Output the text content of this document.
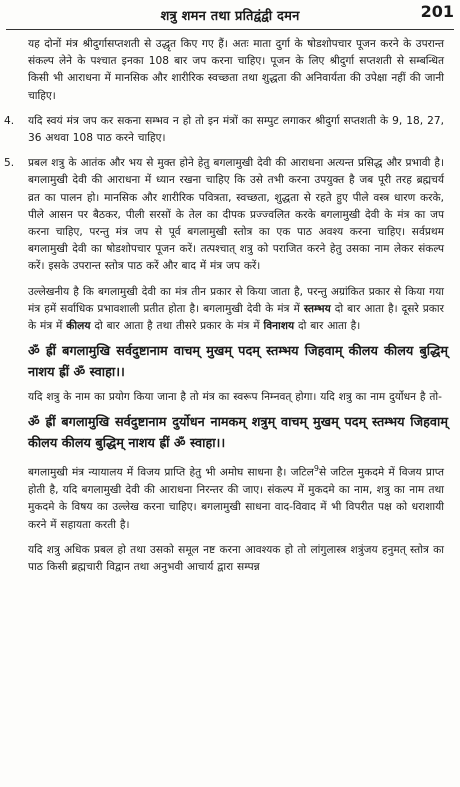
शत्रु शमन तथा प्रतिद्वंद्वी दमन	201

यह दोनों मंत्र श्रीदुर्गासप्तशती से उद्धृत किए गए हैं। अतः माता दुर्गा के षोडशोपचार पूजन करने के उपरान्त संकल्प लेने के पश्चात इनका 108 बार जप करना चाहिए। पूजन के लिए श्रीदुर्गा सप्तशती से सम्बन्धित किसी भी आराधना में मानसिक और शारीरिक स्वच्छता तथा शुद्धता की अनिवार्यता की उपेक्षा नहीं की जानी चाहिए।

4. यदि स्वयं मंत्र जप कर सकना सम्भव न हो तो इन मंत्रों का सम्पुट लगाकर श्रीदुर्गा सप्तशती के 9, 18, 27, 36 अथवा 108 पाठ करने चाहिए।

5. प्रबल शत्रु के आतंक और भय से मुक्त होने हेतु बगलामुखी देवी की आराधना अत्यन्त प्रसिद्ध और प्रभावी है। बगलामुखी देवी की आराधना में ध्यान रखना चाहिए कि उसे तभी करना उपयुक्त है जब पूरी तरह ब्रह्मचर्य व्रत का पालन हो। मानसिक और शारीरिक पवित्रता, स्वच्छता, शुद्धता से रहते हुए पीले वस्त्र धारण करके, पीले आसन पर बैठकर, पीली सरसों के तेल का दीपक प्रज्ज्वलित करके बगलामुखी देवी के मंत्र का जप करना चाहिए, परन्तु मंत्र जप से पूर्व बगलामुखी स्तोत्र का एक पाठ अवश्य करना चाहिए। सर्वप्रथम बगलामुखी देवी का षोडशोपचार पूजन करें। तत्पश्चात् शत्रु को पराजित करने हेतु उसका नाम लेकर संकल्प करें। इसके उपरान्त स्तोत्र पाठ करें और बाद में मंत्र जप करें।

उल्लेखनीय है कि बगलामुखी देवी का मंत्र तीन प्रकार से किया जाता है, परन्तु अग्रांकित प्रकार से किया गया मंत्र हमें सर्वाधिक प्रभावशाली प्रतीत होता है। बगलामुखी देवी के मंत्र में स्तम्भय दो बार आता है। दूसरे प्रकार के मंत्र में कीलय दो बार आता है तथा तीसरे प्रकार के मंत्र में विनाशय दो बार आता है।

ॐ ह्रीं बगलामुखि सर्वदुष्टानाम वाचम् मुखम् पदम् स्तम्भय जिहवाम् कीलय कीलय बुद्धिम् नाशय ह्रीं ॐ स्वाहा।।

यदि शत्रु के नाम का प्रयोग किया जाना है तो मंत्र का स्वरूप निम्नवत् होगा। यदि शत्रु का नाम दुर्योधन है तो-

ॐ ह्रीं बगलामुखि सर्वदुष्टानाम दुर्योधन नामकम् शत्रुम् वाचम् मुखम् पदम् स्तम्भय जिहवाम् कीलय कीलय बुद्धिम् नाशय ह्रीं ॐ स्वाहा।।

बगलामुखी मंत्र न्यायालय में विजय प्राप्ति हेतु भी अमोघ साधना है। जटिल$^9$से जटिल मुकदमे में विजय प्राप्त होती है, यदि बगलामुखी देवी की आराधना निरन्तर की जाए। संकल्प में मुकदमे का नाम, शत्रु का नाम तथा मुकदमे के विषय का उल्लेख करना चाहिए। बगलामुखी साधना वाद-विवाद में भी विपरीत पक्ष को धराशायी करने में सहायता करती है।

यदि शत्रु अधिक प्रबल हो तथा उसको समूल नष्ट करना आवश्यक हो तो लांगुलास्त्र शत्रुंजय हनुमत् स्तोत्र का पाठ किसी ब्रह्मचारी विद्वान तथा अनुभवी आचार्य द्वारा सम्पन्न
